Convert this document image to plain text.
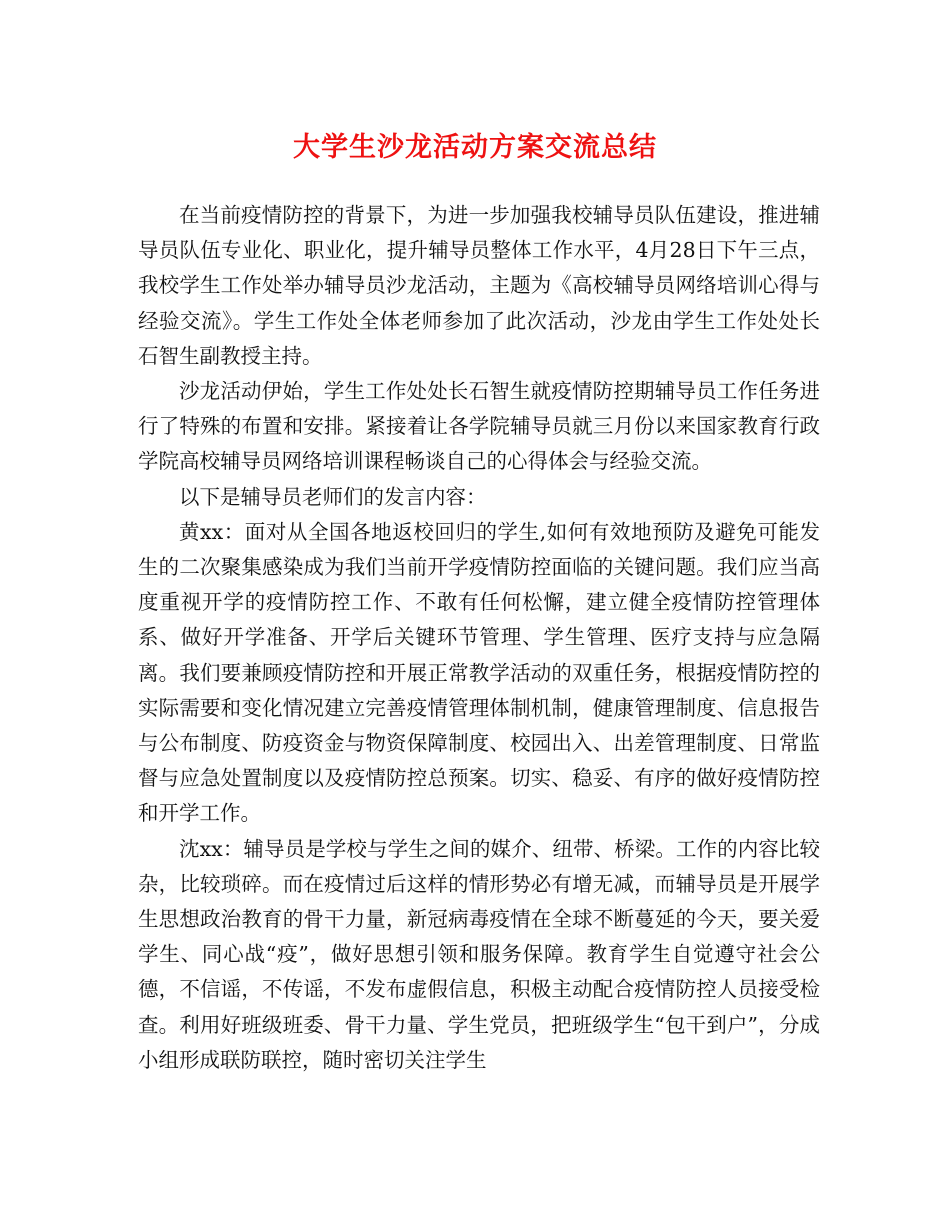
大学生沙龙活动方案交流总结

在当前疫情防控的背景下，为进一步加强我校辅导员队伍建设，推进辅导员队伍专业化、职业化，提升辅导员整体工作水平，4月28日下午三点，我校学生工作处举办辅导员沙龙活动，主题为《高校辅导员网络培训心得与经验交流》。学生工作处全体老师参加了此次活动，沙龙由学生工作处处长石智生副教授主持。

沙龙活动伊始，学生工作处处长石智生就疫情防控期辅导员工作任务进行了特殊的布置和安排。紧接着让各学院辅导员就三月份以来国家教育行政学院高校辅导员网络培训课程畅谈自己的心得体会与经验交流。

以下是辅导员老师们的发言内容：

黄xx：面对从全国各地返校回归的学生,如何有效地预防及避免可能发生的二次聚集感染成为我们当前开学疫情防控面临的关键问题。我们应当高度重视开学的疫情防控工作、不敢有任何松懈，建立健全疫情防控管理体系、做好开学准备、开学后关键环节管理、学生管理、医疗支持与应急隔离。我们要兼顾疫情防控和开展正常教学活动的双重任务，根据疫情防控的实际需要和变化情况建立完善疫情管理体制机制，健康管理制度、信息报告与公布制度、防疫资金与物资保障制度、校园出入、出差管理制度、日常监督与应急处置制度以及疫情防控总预案。切实、稳妥、有序的做好疫情防控和开学工作。

沈xx：辅导员是学校与学生之间的媒介、纽带、桥梁。工作的内容比较杂，比较琐碎。而在疫情过后这样的情形势必有增无减，而辅导员是开展学生思想政治教育的骨干力量，新冠病毒疫情在全球不断蔓延的今天，要关爱学生、同心战“疫”，做好思想引领和服务保障。教育学生自觉遵守社会公德，不信谣，不传谣，不发布虚假信息，积极主动配合疫情防控人员接受检查。利用好班级班委、骨干力量、学生党员，把班级学生“包干到户”，分成小组形成联防联控，随时密切关注学生
